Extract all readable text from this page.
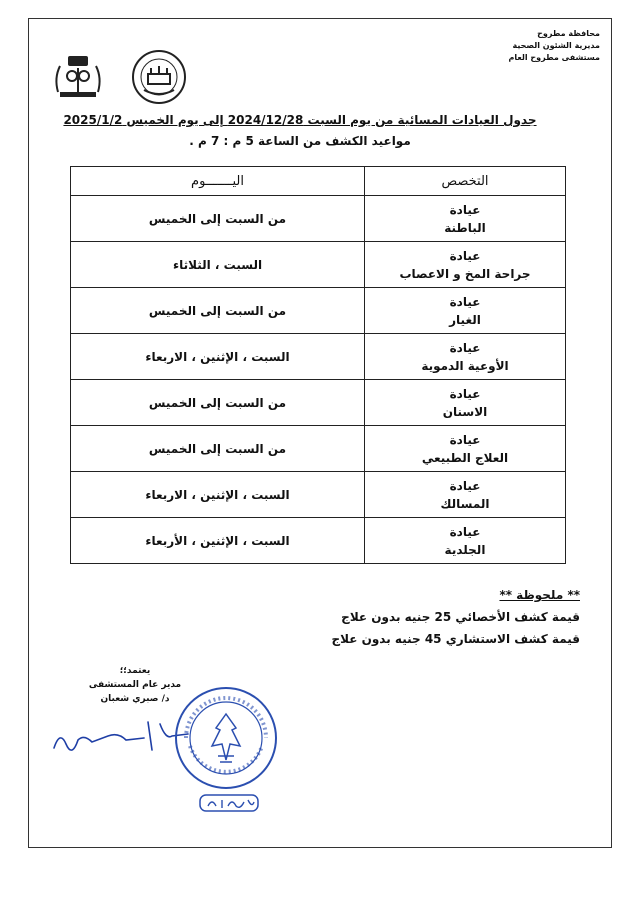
محافظة مطروح
مديرية الشئون الصحية
مستشفى مطروح العام
جدول العيادات المسائية من يوم السبت 2024/12/28 إلى يوم الخميس 2025/1/2
مواعيد الكشف من الساعة 5 م : 7 م .
التخصص	اليـــــــوم

عيادة
الباطنة	من السبت إلى الخميس

عيادة
جراحة المخ و الاعصاب	السبت ، الثلاثاء

عيادة
الغيار	من السبت إلى الخميس

عيادة
الأوعية الدموية	السبت ، الإثنين ، الاربعاء

عيادة
الاسنان	من السبت إلى الخميس

عيادة
العلاج الطبيعي	من السبت إلى الخميس

عيادة
المسالك	السبت ، الإثنين ، الاربعاء

عيادة
الجلدية	السبت ، الإثنين ، الأربعاء
** ملحوظة **
قيمة كشف الأخصائي 25 جنيه بدون علاج
قيمة كشف الاستشاري 45 جنيه بدون علاج
يعتمد؛؛
مدير عام المستشفى
د/ صبري شعبان
